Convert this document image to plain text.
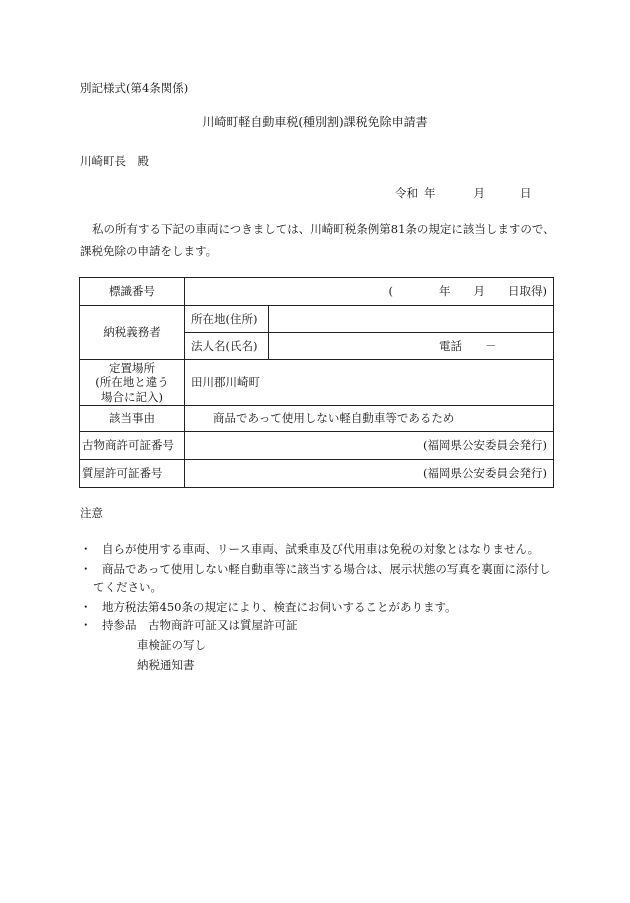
別記様式(第4条関係)
川崎町軽自動車税(種別割)課税免除申請書
川崎町長　殿
令和 年	月	日
私の所有する下記の車両につきましては、川崎町税条例第81条の規定に該当しますので、
課税免除の申請をします。
標識番号	(　　　　年　　月　　日取得)	
納税義務者	所在地(住所)	
	法人名(氏名)	電話　　－

定置場所
(所在地と違う
場合に記入)	田川郡川崎町	
該当事由	商品であって使用しない軽自動車等であるため	
古物商許可証番号	(福岡県公安委員会発行)	
質屋許可証番号	(福岡県公安委員会発行)	
注意
・ 自らが使用する車両、リース車両、試乗車及び代用車は免税の対象とはなりません。
・ 商品であって使用しない軽自動車等に該当する場合は、展示状態の写真を裏面に添付し
てください。
・ 地方税法第450条の規定により、検査にお伺いすることがあります。
・ 持参品　古物商許可証又は質屋許可証
車検証の写し
納税通知書
